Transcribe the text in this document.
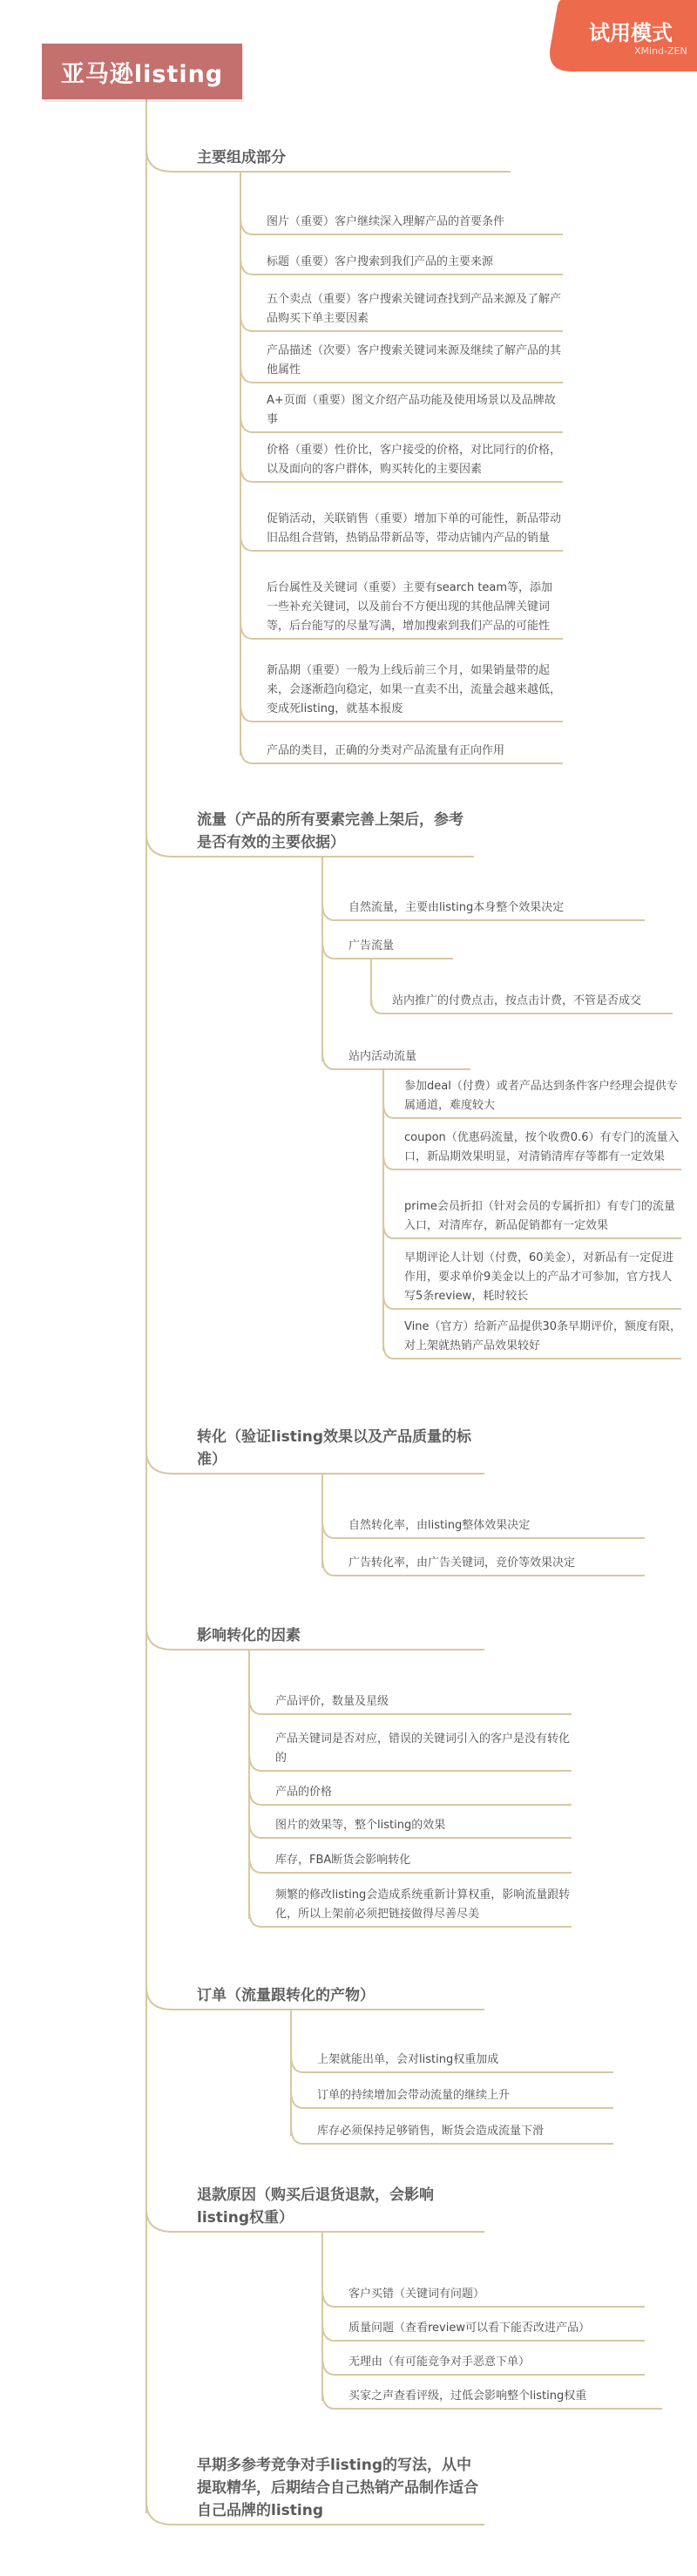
试用模式
XMind-ZEN
亚马逊listing
主要组成部分
图片（重要）客户继续深入理解产品的首要条件
标题（重要）客户搜索到我们产品的主要来源
五个卖点（重要）客户搜索关键词查找到产品来源及了解产品购买下单主要因素
产品描述（次要）客户搜索关键词来源及继续了解产品的其他属性
A+页面（重要）图文介绍产品功能及使用场景以及品牌故事
价格（重要）性价比，客户接受的价格，对比同行的价格，以及面向的客户群体，购买转化的主要因素
促销活动，关联销售（重要）增加下单的可能性，新品带动旧品组合营销，热销品带新品等，带动店铺内产品的销量
后台属性及关键词（重要）主要有search team等，添加一些补充关键词，以及前台不方便出现的其他品牌关键词等，后台能写的尽量写满，增加搜索到我们产品的可能性
新品期（重要）一般为上线后前三个月，如果销量带的起来，会逐渐趋向稳定，如果一直卖不出，流量会越来越低，变成死listing，就基本报废
产品的类目，正确的分类对产品流量有正向作用
流量（产品的所有要素完善上架后，参考是否有效的主要依据）
自然流量，主要由listing本身整个效果决定
广告流量
站内推广的付费点击，按点击计费，不管是否成交
站内活动流量
参加deal（付费）或者产品达到条件客户经理会提供专属通道，难度较大
coupon（优惠码流量，按个收费0.6）有专门的流量入口，新品期效果明显，对清销清库存等都有一定效果
prime会员折扣（针对会员的专属折扣）有专门的流量入口，对清库存，新品促销都有一定效果
早期评论人计划（付费，60美金），对新品有一定促进作用，要求单价9美金以上的产品才可参加，官方找人写5条review，耗时较长
Vine（官方）给新产品提供30条早期评价，额度有限，对上架就热销产品效果较好
转化（验证listing效果以及产品质量的标准）
自然转化率，由listing整体效果决定
广告转化率，由广告关键词，竞价等效果决定
影响转化的因素
产品评价，数量及星级
产品关键词是否对应，错误的关键词引入的客户是没有转化的
产品的价格
图片的效果等，整个listing的效果
库存，FBA断货会影响转化
频繁的修改listing会造成系统重新计算权重，影响流量跟转化，所以上架前必须把链接做得尽善尽美
订单（流量跟转化的产物）
上架就能出单，会对listing权重加成
订单的持续增加会带动流量的继续上升
库存必须保持足够销售，断货会造成流量下滑
退款原因（购买后退货退款，会影响listing权重）
客户买错（关键词有问题）
质量问题（查看review可以看下能否改进产品）
无理由（有可能竞争对手恶意下单）
买家之声查看评级，过低会影响整个listing权重
早期多参考竞争对手listing的写法，从中提取精华，后期结合自己热销产品制作适合自己品牌的listing
